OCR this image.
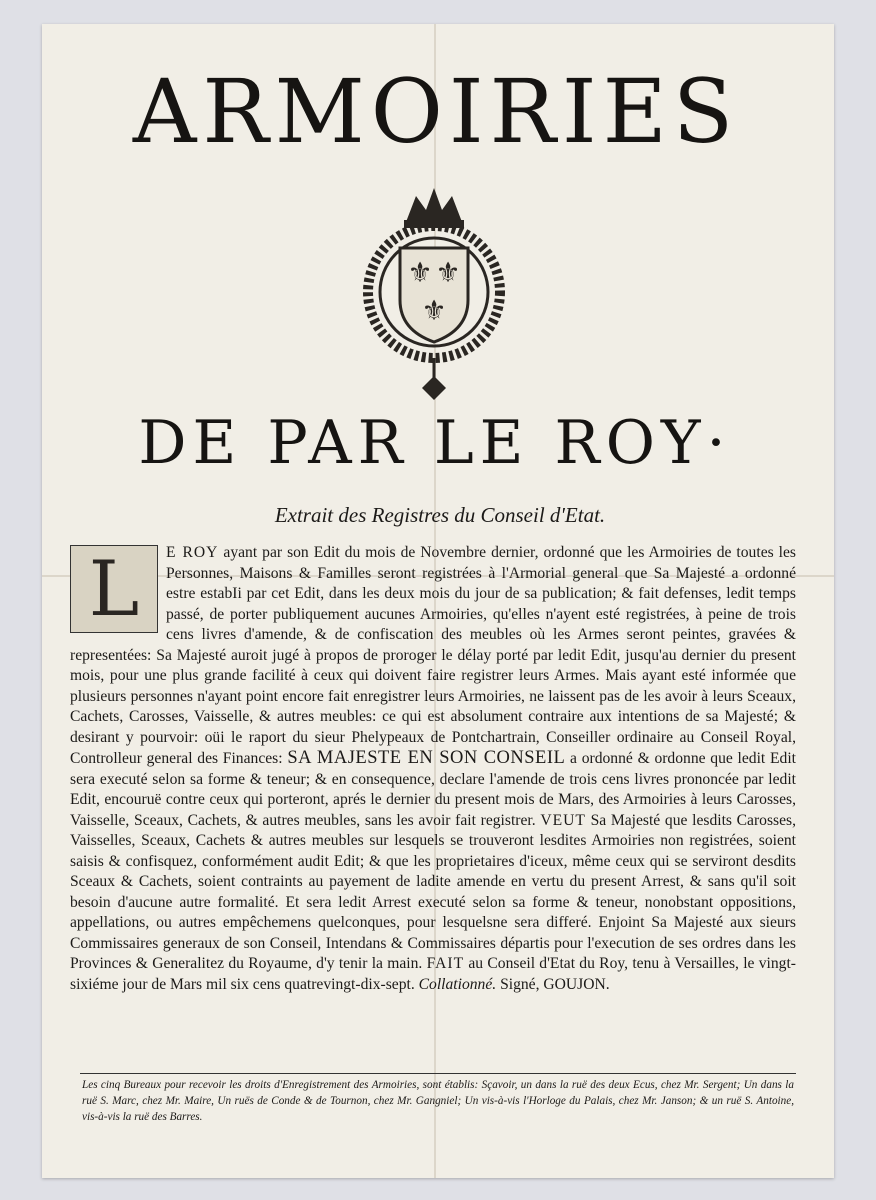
ARMOIRIES
⚜ ⚜
⚜
DE PAR LE ROY·
Extrait des Registres du Conseil d'Etat.
L	E ROY ayant par son Edit du mois de Novembre dernier, ordonné que les Armoiries de toutes les Personnes, Maisons & Familles seront registrées à l'Armorial general que Sa Majesté a ordonné estre estabIi par cet Edit, dans les deux mois du jour de sa publication; & fait defenses, ledit temps passé, de porter publiquement aucunes Armoiries, qu'elles n'ayent esté registrées, à peine de trois cens livres d'amende, & de confiscation des meubles où les Armes seront peintes, gravées & representées: Sa Majesté auroit jugé à propos de proroger le délay porté par ledit Edit, jusqu'au dernier du present mois, pour une plus grande facilité à ceux qui doivent faire registrer leurs Armes. Mais ayant esté informée que plusieurs personnes n'ayant point encore fait enregistrer leurs Armoiries, ne laissent pas de les avoir à leurs Sceaux, Cachets, Carosses, Vaisselle, & autres meubles: ce qui est absolument contraire aux intentions de sa Majesté; & desirant y pourvoir: oüi le raport du sieur Phelypeaux de Pontchartrain, Conseiller ordinaire au Conseil Royal, Controlleur general des Finances: SA MAJESTE EN SON CONSEIL a ordonné & ordonne que ledit Edit sera executé selon sa forme & teneur; & en consequence, declare l'amende de trois cens livres prononcée par ledit Edit, encouruë contre ceux qui porteront, aprés le dernier du present mois de Mars, des Armoiries à leurs Carosses, Vaisselle, Sceaux, Cachets, & autres meubles, sans les avoir fait registrer. VEUT Sa Majesté que lesdits Carosses, Vaisselles, Sceaux, Cachets & autres meubles sur lesquels se trouveront lesdites Armoiries non registrées, soient saisis & confisquez, conformément audit Edit; & que les proprietaires d'iceux, même ceux qui se serviront desdits Sceaux & Cachets, soient contraints au payement de ladite amende en vertu du present Arrest, & sans qu'il soit besoin d'aucune autre formalité. Et sera ledit Arrest executé selon sa forme & teneur, nonobstant oppositions, appellations, ou autres empêchemens quelconques, pour lesquelsne sera differé. Enjoint Sa Majesté aux sieurs Commissaires generaux de son Conseil, Intendans & Commissaires départis pour l'execution de ses ordres dans les Provinces & Generalitez du Royaume, d'y tenir la main. FAIT au Conseil d'Etat du Roy, tenu à Versailles, le vingt-sixiéme jour de Mars mil six cens quatrevingt-dix-sept. Collationné. Signé, GOUJON.

Les cinq Bureaux pour recevoir les droits d'Enregistrement des Armoiries, sont établis: Sçavoir, un dans la ruë des deux Ecus, chez Mr. Sergent; Un dans la ruë S. Marc, chez Mr. Maire, Un ruës de Conde & de Tournon, chez Mr. Gangniel; Un vis-à-vis l'Horloge du Palais, chez Mr. Janson; & un ruë S. Antoine, vis-à-vis la ruë des Barres.
